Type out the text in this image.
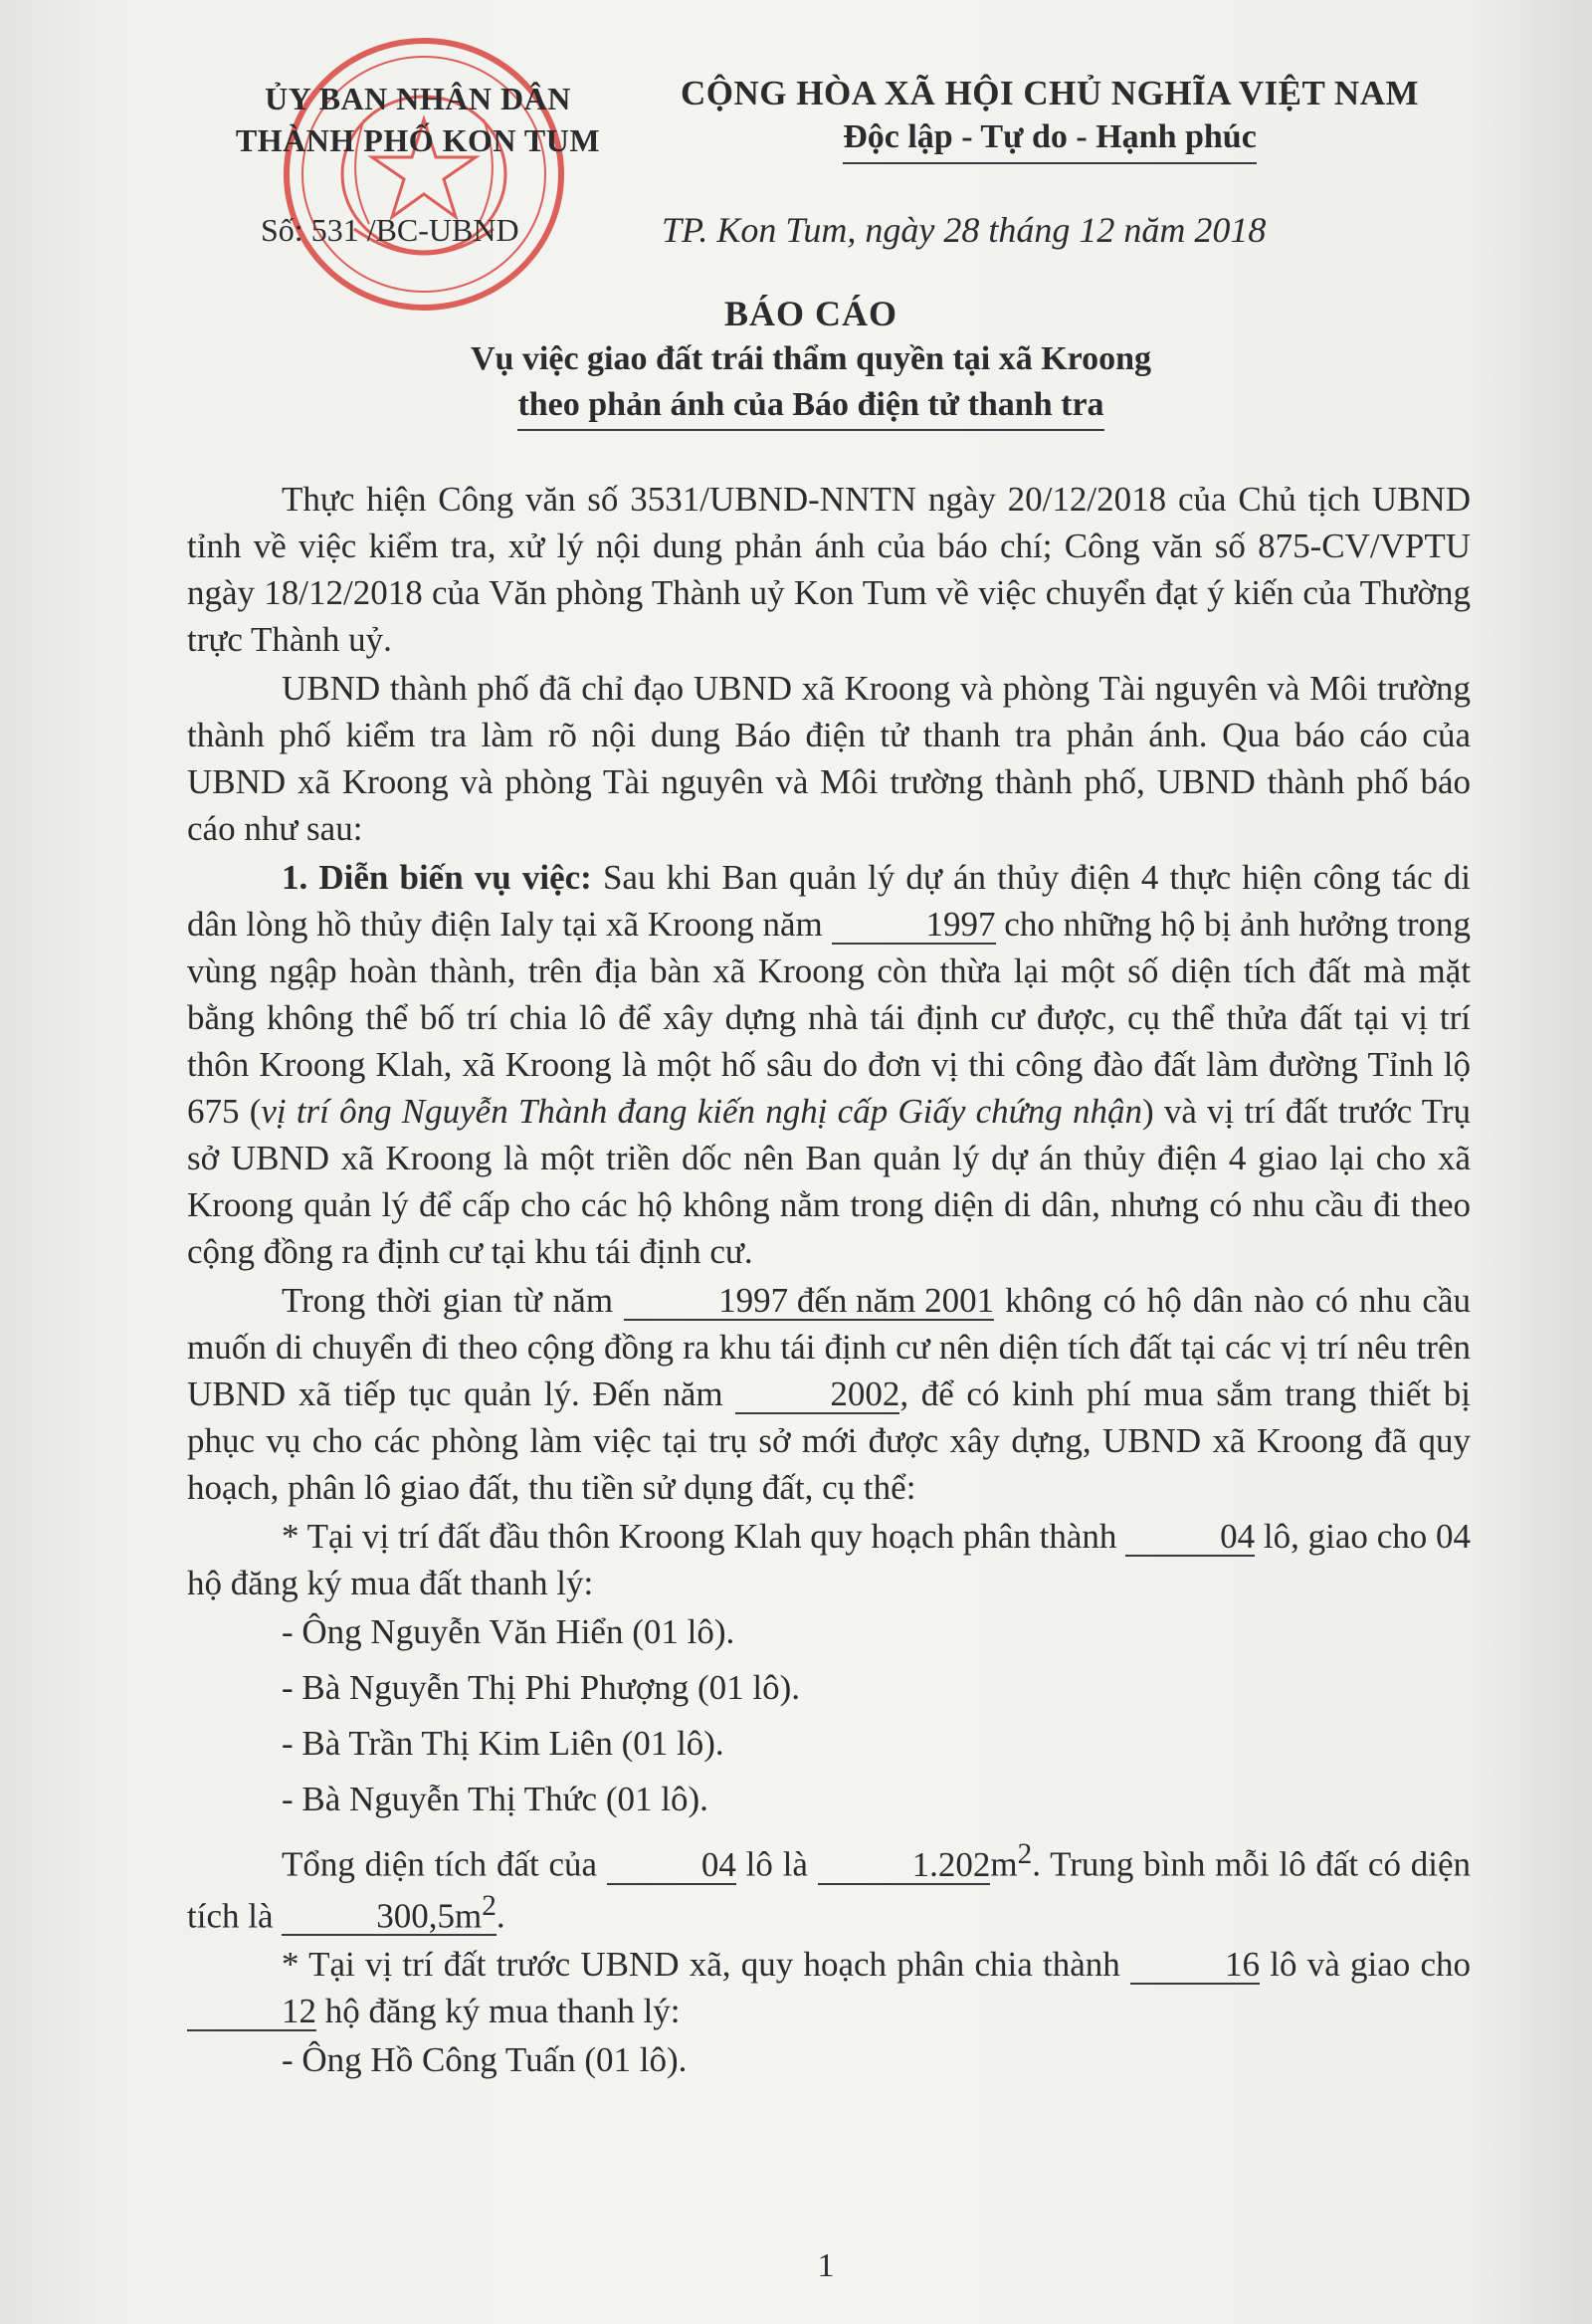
ỦY BAN NHÂN DÂN
THÀNH PHỐ KON TUM
Số: 531 /BC-UBND
CỘNG HÒA XÃ HỘI CHỦ NGHĨA VIỆT NAM
Độc lập - Tự do - Hạnh phúc
TP. Kon Tum, ngày 28 tháng 12 năm 2018
BÁO CÁO
Vụ việc giao đất trái thẩm quyền tại xã Kroong
theo phản ánh của Báo điện tử thanh tra

Thực hiện Công văn số 3531/UBND-NNTN ngày 20/12/2018 của Chủ tịch UBND tỉnh về việc kiểm tra, xử lý nội dung phản ánh của báo chí; Công văn số 875-CV/VPTU ngày 18/12/2018 của Văn phòng Thành uỷ Kon Tum về việc chuyển đạt ý kiến của Thường trực Thành uỷ.

UBND thành phố đã chỉ đạo UBND xã Kroong và phòng Tài nguyên và Môi trường thành phố kiểm tra làm rõ nội dung Báo điện tử thanh tra phản ánh. Qua báo cáo của UBND xã Kroong và phòng Tài nguyên và Môi trường thành phố, UBND thành phố báo cáo như sau:

1. Diễn biến vụ việc: Sau khi Ban quản lý dự án thủy điện 4 thực hiện công tác di dân lòng hồ thủy điện Ialy tại xã Kroong năm	1997 cho những hộ bị ảnh hưởng trong vùng ngập hoàn thành, trên địa bàn xã Kroong còn thừa lại một số diện tích đất mà mặt bằng không thể bố trí chia lô để xây dựng nhà tái định cư được, cụ thể thửa đất tại vị trí thôn Kroong Klah, xã Kroong là một hố sâu do đơn vị thi công đào đất làm đường Tỉnh lộ 675 (vị trí ông Nguyễn Thành đang kiến nghị cấp Giấy chứng nhận) và vị trí đất trước Trụ sở UBND xã Kroong là một triền dốc nên Ban quản lý dự án thủy điện 4 giao lại cho xã Kroong quản lý để cấp cho các hộ không nằm trong diện di dân, nhưng có nhu cầu đi theo cộng đồng ra định cư tại khu tái định cư.

Trong thời gian từ năm	1997 đến năm 2001 không có hộ dân nào có nhu cầu muốn di chuyển đi theo cộng đồng ra khu tái định cư nên diện tích đất tại các vị trí nêu trên UBND xã tiếp tục quản lý. Đến năm	2002, để có kinh phí mua sắm trang thiết bị phục vụ cho các phòng làm việc tại trụ sở mới được xây dựng, UBND xã Kroong đã quy hoạch, phân lô giao đất, thu tiền sử dụng đất, cụ thể:

* Tại vị trí đất đầu thôn Kroong Klah quy hoạch phân thành	04 lô, giao cho 04 hộ đăng ký mua đất thanh lý:

- Ông Nguyễn Văn Hiển (01 lô).

- Bà Nguyễn Thị Phi Phượng (01 lô).

- Bà Trần Thị Kim Liên (01 lô).

- Bà Nguyễn Thị Thức (01 lô).

Tổng diện tích đất của	04 lô là	$1.202m^2$. Trung bình mỗi lô đất có diện tích là	$300,5m^2$.

* Tại vị trí đất trước UBND xã, quy hoạch phân chia thành	16 lô và giao cho 12 hộ đăng ký mua thanh lý:

- Ông Hồ Công Tuấn (01 lô).

1
